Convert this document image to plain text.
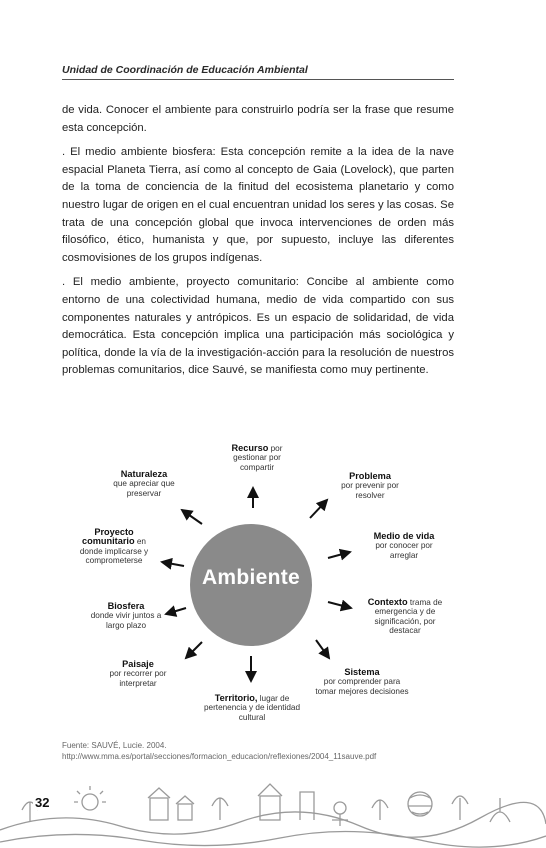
Unidad de Coordinación de Educación Ambiental

de vida. Conocer el ambiente para construirlo podría ser la frase que resume esta concepción.

. El medio ambiente biosfera: Esta concepción remite a la idea de la nave espacial Planeta Tierra, así como al concepto de Gaia (Lovelock), que parten de la toma de conciencia de la finitud del ecosistema planetario y como nuestro lugar de origen en el cual encuentran unidad los seres y las cosas. Se trata de una concepción global que invoca intervenciones de orden más filosófico, ético, humanista y que, por supuesto, incluye las diferentes cosmovisiones de los grupos indígenas.

. El medio ambiente, proyecto comunitario: Concibe al ambiente como entorno de una colectividad humana, medio de vida compartido con sus componentes naturales y antrópicos. Es un espacio de solidaridad, de vida democrática. Esta concepción implica una participación más sociológica y política, donde la vía de la investigación-acción para la resolución de nuestros problemas comunitarios, dice Sauvé, se manifiesta como muy pertinente.

Ambiente
Recurso por gestionar por compartir
Problema
por prevenir por resolver
Medio de vida
por conocer por arreglar
Contexto trama de emergencia y de significación, por destacar
Sistema
por comprender para tomar mejores decisiones
Territorio, lugar de pertenencia y de identidad cultural
Paisaje
por recorrer por interpretar
Biosfera
donde vivir juntos a largo plazo
Proyecto comunitario en donde implicarse y comprometerse
Naturaleza
que apreciar que preservar
Fuente: SAUVÉ, Lucie. 2004.
http://www.mma.es/portal/secciones/formacion_educacion/reflexiones/2004_11sauve.pdf
32
